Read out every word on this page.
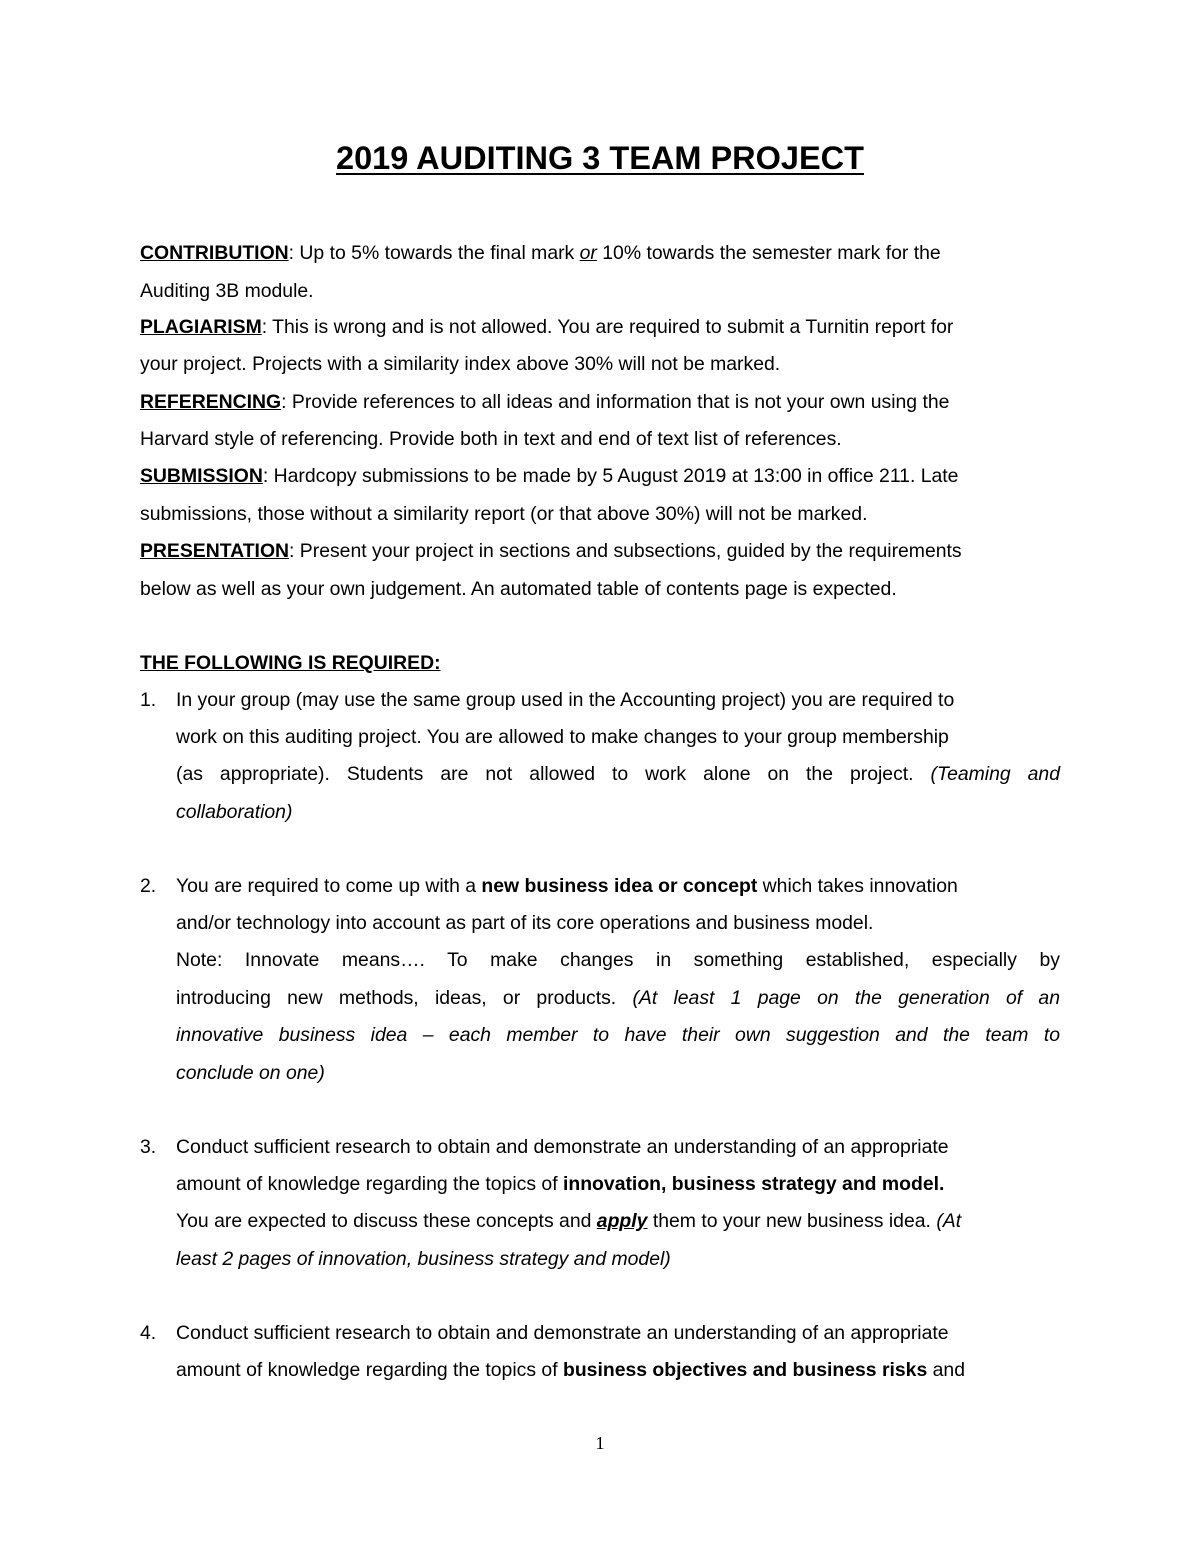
2019 AUDITING 3 TEAM PROJECT

CONTRIBUTION: Up to 5% towards the final mark or 10% towards the semester mark for the

Auditing 3B module.

PLAGIARISM: This is wrong and is not allowed. You are required to submit a Turnitin report for

your project. Projects with a similarity index above 30% will not be marked.

REFERENCING: Provide references to all ideas and information that is not your own using the

Harvard style of referencing. Provide both in text and end of text list of references.

SUBMISSION: Hardcopy submissions to be made by 5 August 2019 at 13:00 in office 211. Late

submissions, those without a similarity report (or that above 30%) will not be marked.

PRESENTATION: Present your project in sections and subsections, guided by the requirements

below as well as your own judgement. An automated table of contents page is expected.

THE FOLLOWING IS REQUIRED:

1. In your group (may use the same group used in the Accounting project) you are required to

work on this auditing project. You are allowed to make changes to your group membership

(as appropriate). Students are not allowed to work alone on the project. (Teaming and

collaboration)

2. You are required to come up with a new business idea or concept which takes innovation

and/or technology into account as part of its core operations and business model.

Note: Innovate means…. To make changes in something established, especially by

introducing new methods, ideas, or products. (At least 1 page on the generation of an

innovative business idea – each member to have their own suggestion and the team to

conclude on one)

3. Conduct sufficient research to obtain and demonstrate an understanding of an appropriate

amount of knowledge regarding the topics of innovation, business strategy and model.

You are expected to discuss these concepts and apply them to your new business idea. (At

least 2 pages of innovation, business strategy and model)

4. Conduct sufficient research to obtain and demonstrate an understanding of an appropriate

amount of knowledge regarding the topics of business objectives and business risks and

1
